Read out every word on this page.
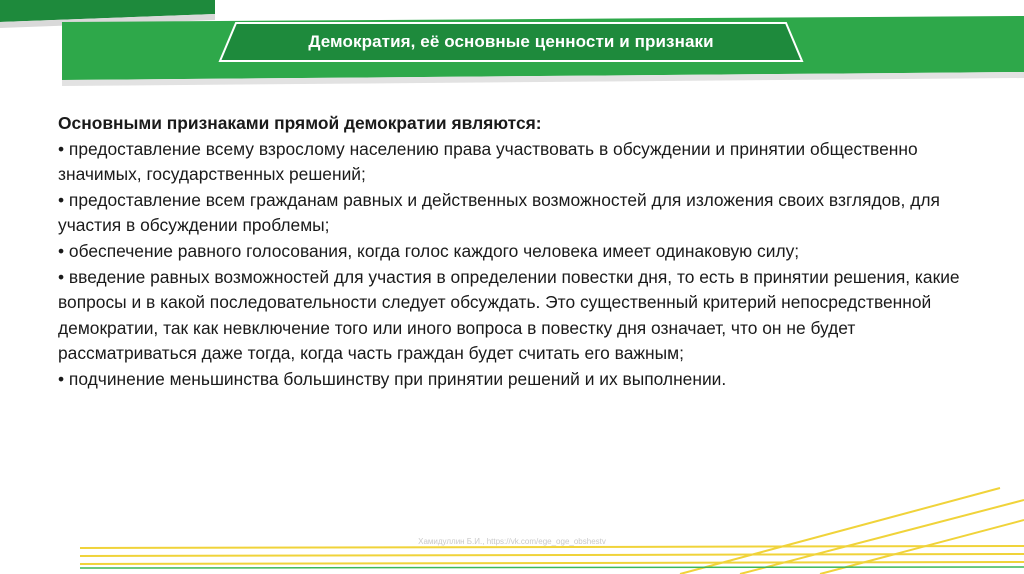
Демократия, её основные ценности и признаки

Основными признаками прямой демократии являются:

• предоставление всему взрослому населению права участвовать в обсуждении и принятии общественно значимых, государственных решений;

• предоставление всем гражданам равных и действенных возможностей для изложения своих взглядов, для участия в обсуждении проблемы;

• обеспечение равного голосования, когда голос каждого человека имеет одинаковую силу;

• введение равных возможностей для участия в определении повестки дня, то есть в принятии решения, какие вопросы и в какой последовательности следует обсуждать. Это существенный критерий непосредственной демократии, так как невключение того или иного вопроса в повестку дня означает, что он не будет рассматриваться даже тогда, когда часть граждан будет считать его важным;

• подчинение меньшинства большинству при принятии решений и их выполнении.

Хамидуллин Б.И., https://vk.com/ege_oge_obshestv
